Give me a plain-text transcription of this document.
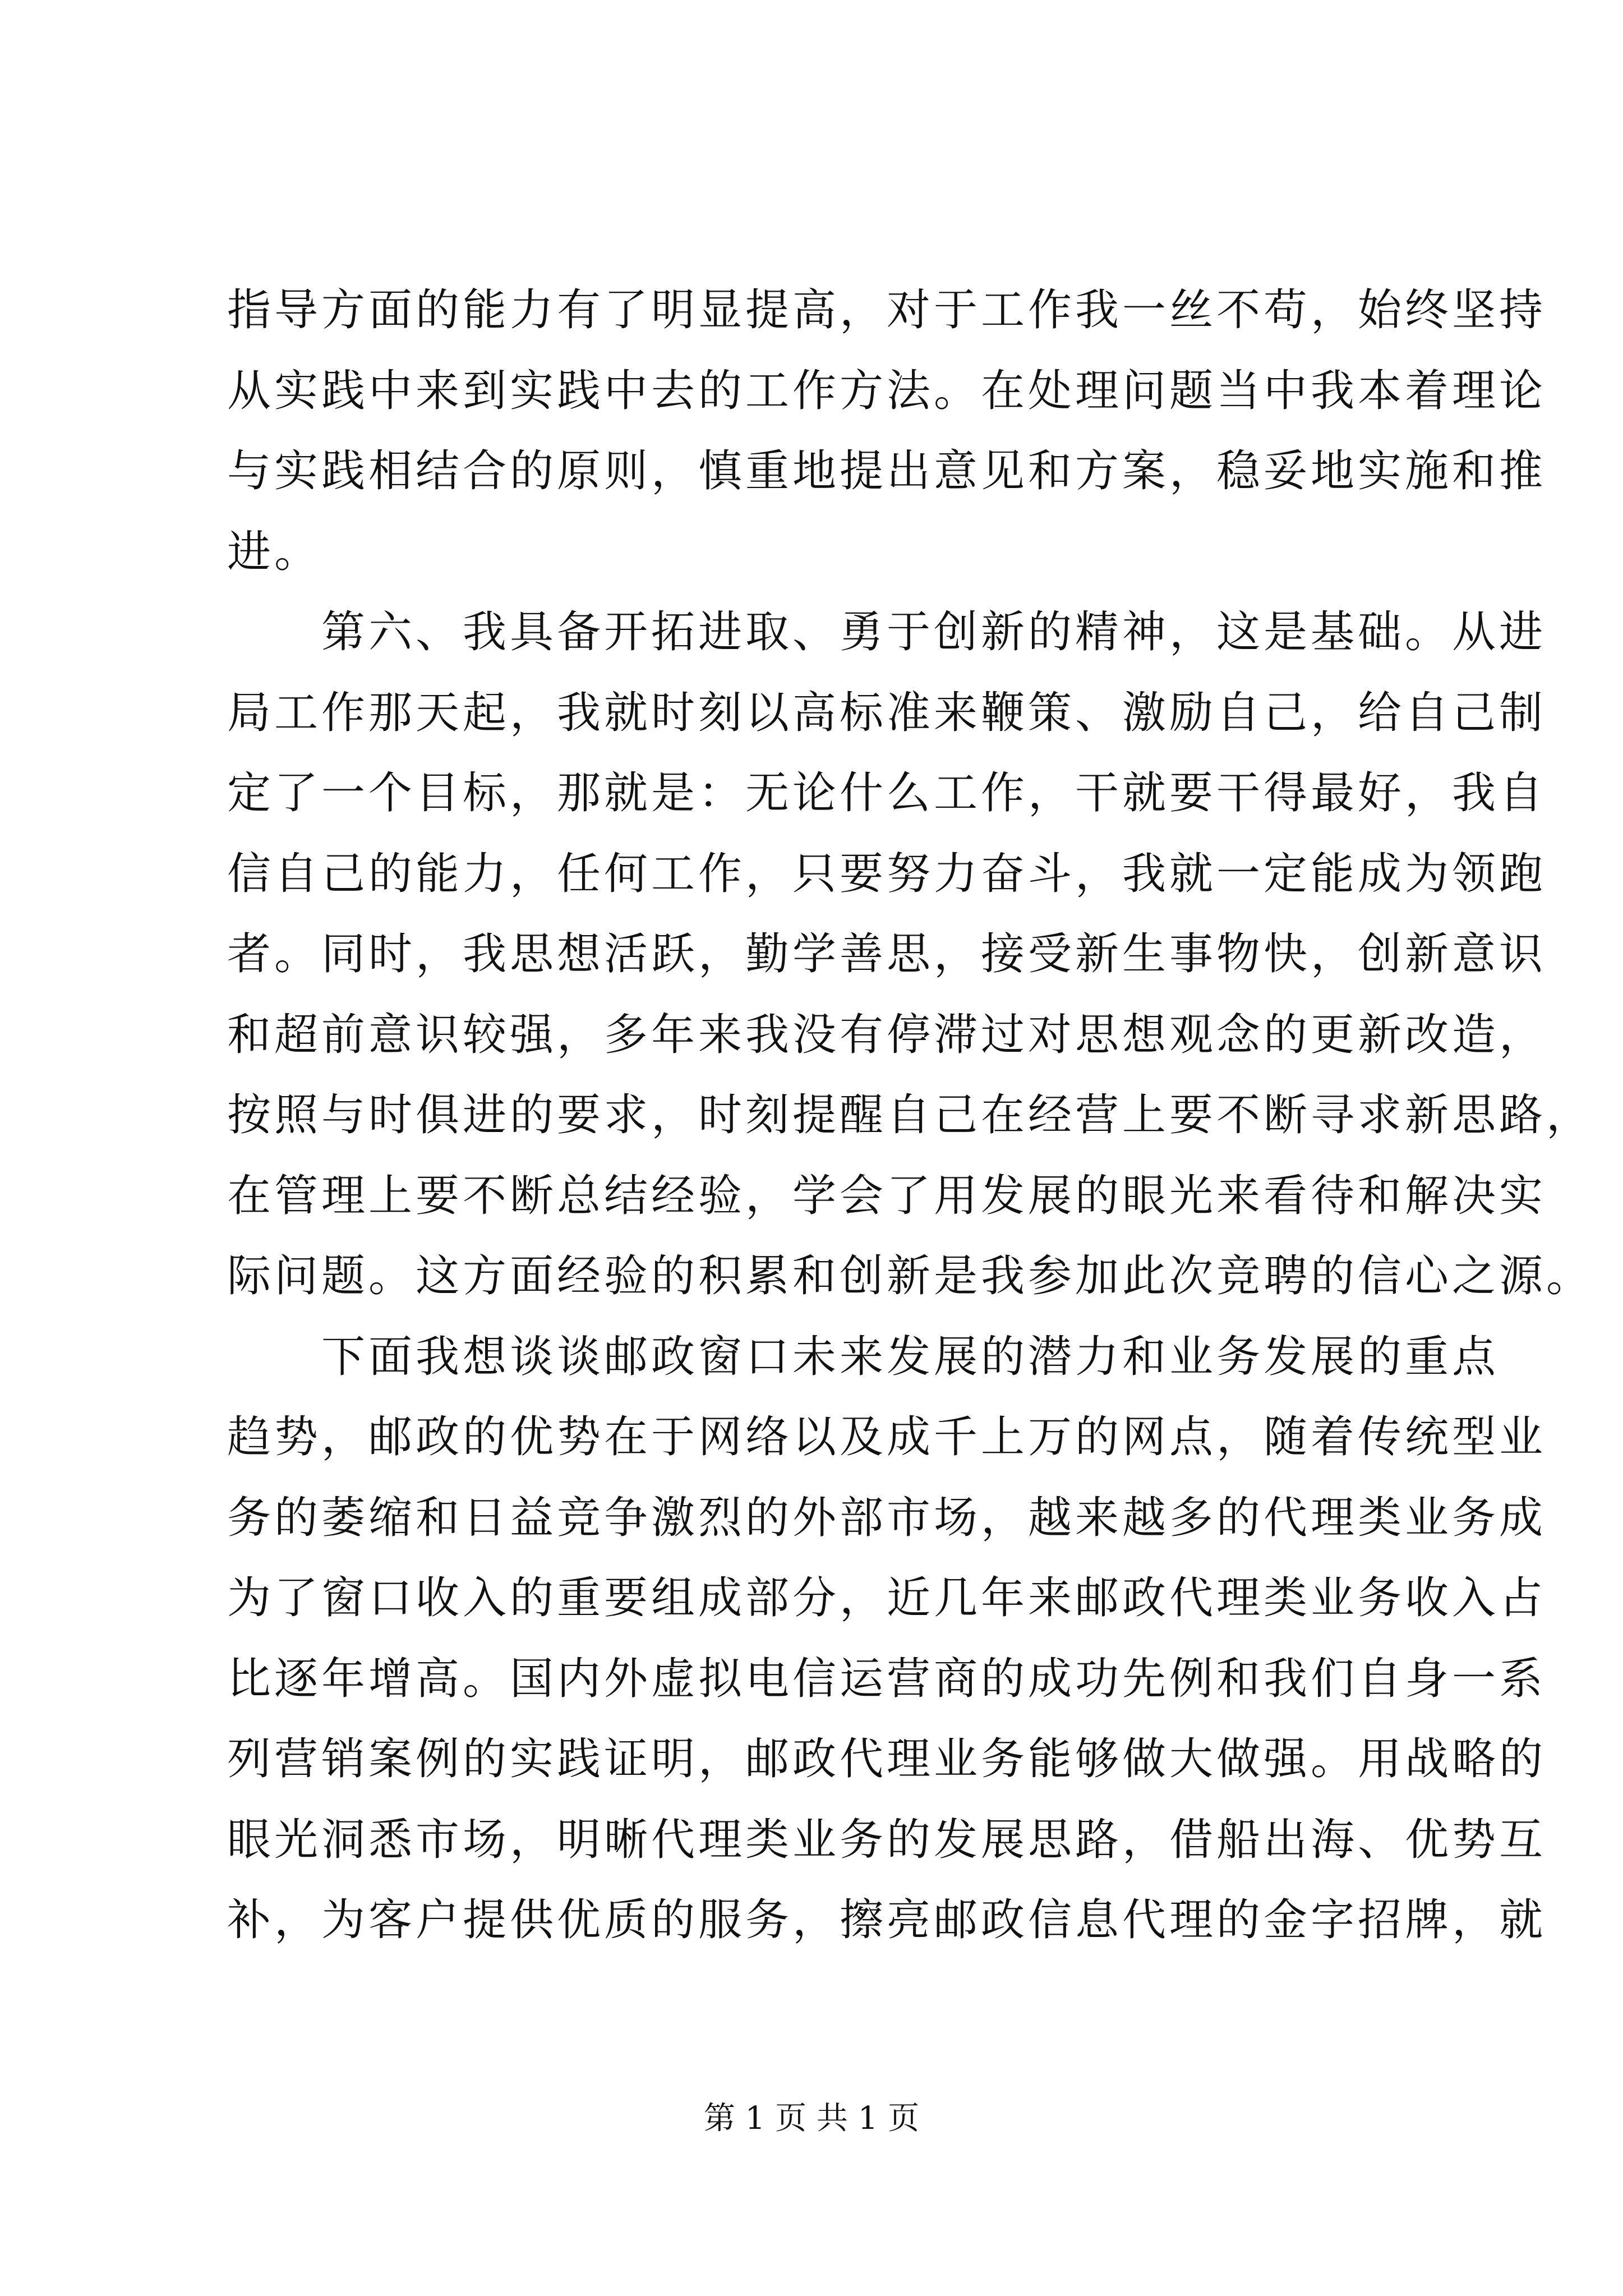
指导方面的能力有了明显提高，对于工作我一丝不苟，始终坚持

从实践中来到实践中去的工作方法。在处理问题当中我本着理论

与实践相结合的原则，慎重地提出意见和方案，稳妥地实施和推

进。

第六、我具备开拓进取、勇于创新的精神，这是基础。从进

局工作那天起，我就时刻以高标准来鞭策、激励自己，给自己制

定了一个目标，那就是：无论什么工作，干就要干得最好，我自

信自己的能力，任何工作，只要努力奋斗，我就一定能成为领跑

者。同时，我思想活跃，勤学善思，接受新生事物快，创新意识

和超前意识较强，多年来我没有停滞过对思想观念的更新改造，

按照与时俱进的要求，时刻提醒自己在经营上要不断寻求新思路，

在管理上要不断总结经验，学会了用发展的眼光来看待和解决实

际问题。这方面经验的积累和创新是我参加此次竞聘的信心之源。

下面我想谈谈邮政窗口未来发展的潜力和业务发展的重点

趋势，邮政的优势在于网络以及成千上万的网点，随着传统型业

务的萎缩和日益竞争激烈的外部市场，越来越多的代理类业务成

为了窗口收入的重要组成部分，近几年来邮政代理类业务收入占

比逐年增高。国内外虚拟电信运营商的成功先例和我们自身一系

列营销案例的实践证明，邮政代理业务能够做大做强。用战略的

眼光洞悉市场，明晰代理类业务的发展思路，借船出海、优势互

补，为客户提供优质的服务，擦亮邮政信息代理的金字招牌，就

第 1 页 共 1 页
